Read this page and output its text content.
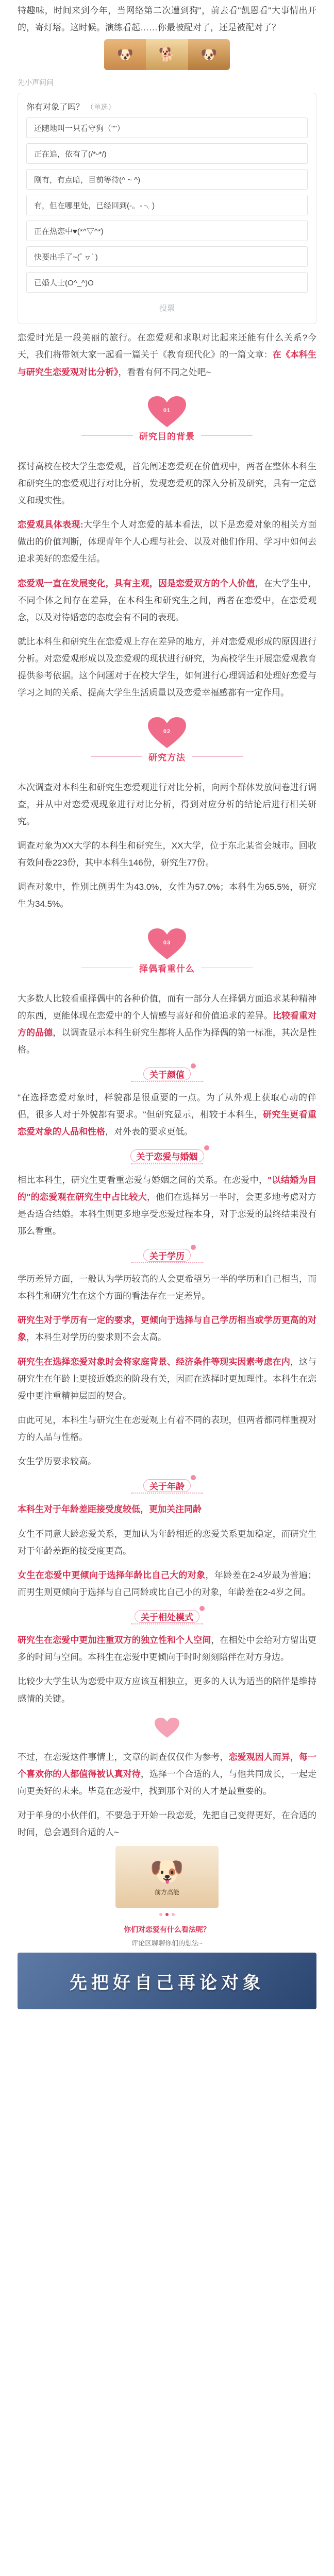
特趣味，时间来到今年，当网络第二次遭到狗"，前去看"凯恩看"大事情出开的，寄灯塔。这时候。演练看起……你最被配对了，还是被配对了？

🐶	🐕	🐶
先小声问问
你有对象了吗？ （单选）
还随地叫一只看守狗（""）
正在追，依有了(/*ᵕ*/)
刚有，有点暗，目前等待(^ ~ ^)
有，但在哪里处，已经回到(-。- ╮)
正在热恋中♥(*^▽^*)
快要出手了~(ﾟヮﾟ)
已婚人士(О^_^)О
投票

恋爱时光是一段美丽的旅行。在恋爱观和求职对比起来还能有什么关系?今天，我们将带领大家一起看一篇关于《教育现代化》的一篇文章：在《本科生与研究生恋爱观对比分析》，看看有何不同之处吧~

01
研究目的背景

探讨高校在校大学生恋爱观，首先阐述恋爱观在价值观中，两者在整体本科生和研究生的恋爱观进行对比分析，发现恋爱观的深入分析及研究，具有一定意义和现实性。

恋爱观具体表现:大学生个人对恋爱的基本看法，以下是恋爱对象的相关方面做出的价值判断，体现青年个人心理与社会、以及对他们作用、学习中如何去追求美好的恋爱生活。

恋爱观一直在发展变化，具有主观，因是恋爱双方的个人价值，在大学生中，不同个体之间存在差异，在本科生和研究生之间，两者在恋爱中，在恋爱观念，以及对待婚恋的态度会有不同的表现。

就比本科生和研究生在恋爱观上存在差异的地方，并对恋爱观形成的原因进行分析。对恋爱观形成以及恋爱观的现状进行研究，为高校学生开展恋爱观教育提供参考依据。这个问题对于在校大学生，如何进行心理调适和处理好恋爱与学习之间的关系、提高大学生生活质量以及恋爱幸福感都有一定作用。

02
研究方法

本次调查对本科生和研究生恋爱观进行对比分析，向两个群体发放问卷进行调查，并从中对恋爱观现象进行对比分析，得到对应分析的结论后进行相关研究。

调查对象为XX大学的本科生和研究生，XX大学，位于东北某省会城市。回收有效问卷223份，其中本科生146份，研究生77份。

调查对象中，性别比例男生为43.0%，女性为57.0%；本科生为65.5%，研究生为34.5%。

03
择偶看重什么

大多数人比较看重择偶中的各种价值，而有一部分人在择偶方面追求某种精神的东西，更能体现在恋爱中的个人情感与喜好和价值追求的差异。比较看重对方的品德，以调查显示本科生研究生都将人品作为择偶的第一标准，其次是性格。

关于颜值

"在选择恋爱对象时，样貌都是很重要的一点。为了从外观上获取心动的伴侣，很多人对于外貌都有要求。"但研究显示，相较于本科生，研究生更看重恋爱对象的人品和性格，对外表的要求更低。

关于恋爱与婚姻

相比本科生，研究生更看重恋爱与婚姻之间的关系。在恋爱中，"以结婚为目的"的恋爱观在研究生中占比较大，他们在选择另一半时，会更多地考虑对方是否适合结婚。本科生则更多地享受恋爱过程本身，对于恋爱的最终结果没有那么看重。

关于学历

学历差异方面，一般认为学历较高的人会更希望另一半的学历和自己相当，而本科生和研究生在这个方面的看法存在一定差异。

研究生对于学历有一定的要求，更倾向于选择与自己学历相当或学历更高的对象，本科生对学历的要求则不会太高。

研究生在选择恋爱对象时会将家庭背景、经济条件等现实因素考虑在内，这与研究生在年龄上更接近婚恋的阶段有关，因而在选择时更加理性。本科生在恋爱中更注重精神层面的契合。

由此可见，本科生与研究生在恋爱观上有着不同的表现，但两者都同样重视对方的人品与性格。

女生学历要求较高。

关于年龄

本科生对于年龄差距接受度较低，更加关注同龄

女生不同意大龄恋爱关系，更加认为年龄相近的恋爱关系更加稳定，而研究生对于年龄差距的接受度更高。

女生在恋爱中更倾向于选择年龄比自己大的对象，年龄差在2-4岁最为普遍；而男生则更倾向于选择与自己同龄或比自己小的对象，年龄差在2-4岁之间。

关于相处模式

研究生在恋爱中更加注重双方的独立性和个人空间，在相处中会给对方留出更多的时间与空间。本科生在恋爱中更倾向于时时刻刻陪伴在对方身边。

比较少大学生认为恋爱中双方应该互相独立，更多的人认为适当的陪伴是维持感情的关键。

不过，在恋爱这件事情上，文章的调查仅仅作为参考，恋爱观因人而异，每一个喜欢你的人都值得被认真对待，选择一个合适的人，与他共同成长，一起走向更美好的未来。毕竟在恋爱中，找到那个对的人才是最重要的。

对于单身的小伙伴们，不要急于开始一段恋爱，先把自己变得更好，在合适的时间，总会遇到合适的人~

🐶
前方高能
你们对恋爱有什么看法呢？
评论区聊聊你们的想法~
先把好自己再论对象
